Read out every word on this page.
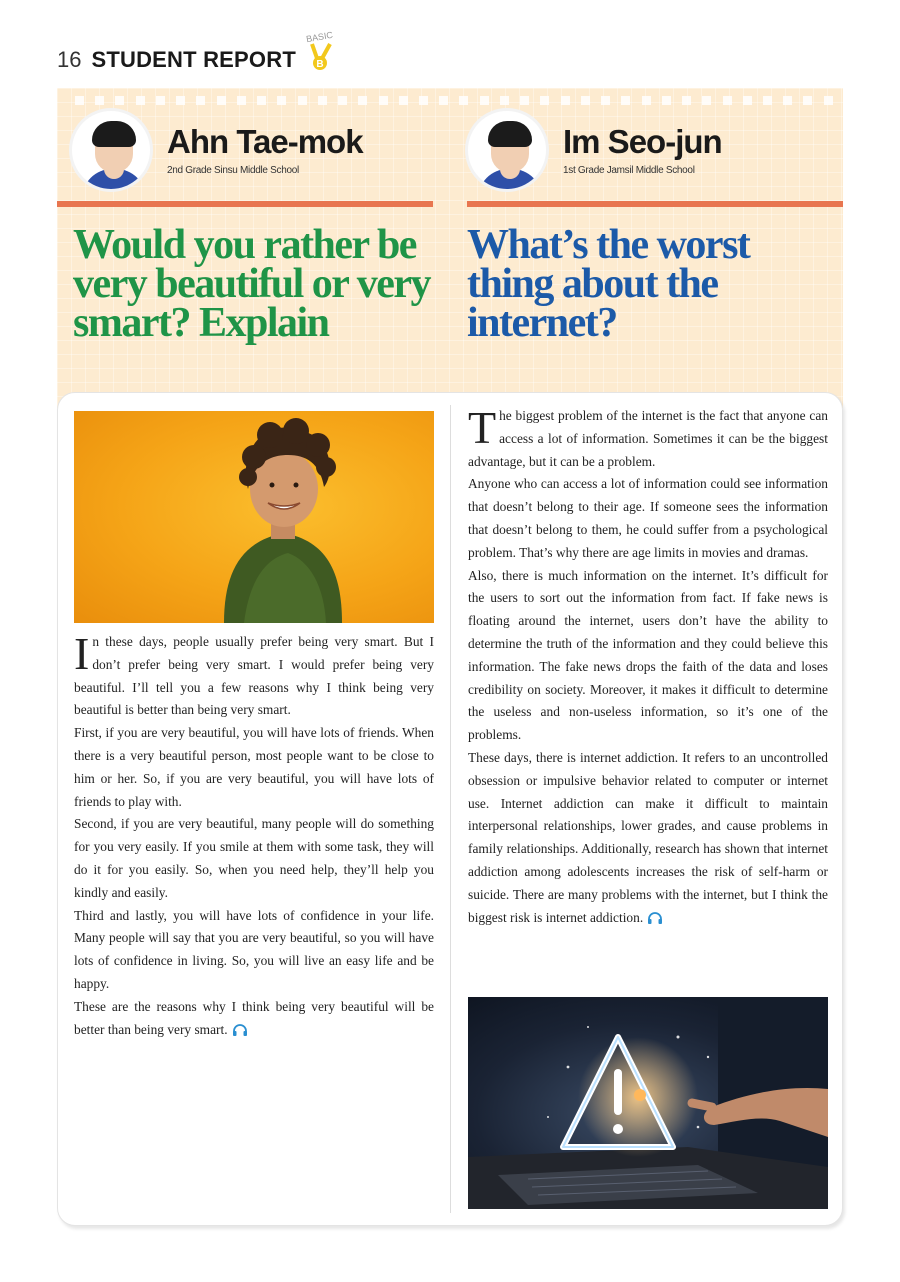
16 STUDENT REPORT
BASIC
B
Ahn Tae-mok
2nd Grade Sinsu Middle School
Im Seo-jun
1st Grade Jamsil Middle School
Would you rather be very beautiful or very smart? Explain
What’s the worst thing about the internet?

In these days, people usually prefer being very smart. But I don’t prefer being very smart. I would prefer being very beautiful. I’ll tell you a few reasons why I think being very beautiful is better than being very smart.

First, if you are very beautiful, you will have lots of friends. When there is a very beautiful person, most people want to be close to him or her. So, if you are very beautiful, you will have lots of friends to play with.

Second, if you are very beautiful, many people will do something for you very easily. If you smile at them with some task, they will do it for you easily. So, when you need help, they’ll help you kindly and easily.

Third and lastly, you will have lots of confidence in your life. Many people will say that you are very beautiful, so you will have lots of confidence in living. So, you will live an easy life and be happy.

These are the reasons why I think being very beautiful will be better than being very smart.

The biggest problem of the internet is the fact that anyone can access a lot of information. Sometimes it can be the biggest advantage, but it can be a problem.

Anyone who can access a lot of information could see information that doesn’t belong to their age. If someone sees the information that doesn’t belong to them, he could suffer from a psychological problem. That’s why there are age limits in movies and dramas.

Also, there is much information on the internet. It’s difficult for the users to sort out the information from fact. If fake news is floating around the internet, users don’t have the ability to determine the truth of the information and they could believe this information. The fake news drops the faith of the data and loses credibility on society. Moreover, it makes it difficult to determine the useless and non-useless information, so it’s one of the problems.

These days, there is internet addiction. It refers to an uncontrolled obsession or impulsive behavior related to computer or internet use. Internet addiction can make it difficult to maintain interpersonal relationships, lower grades, and cause problems in family relationships. Additionally, research has shown that internet addiction among adolescents increases the risk of self-harm or suicide. There are many problems with the internet, but I think the biggest risk is internet addiction.
